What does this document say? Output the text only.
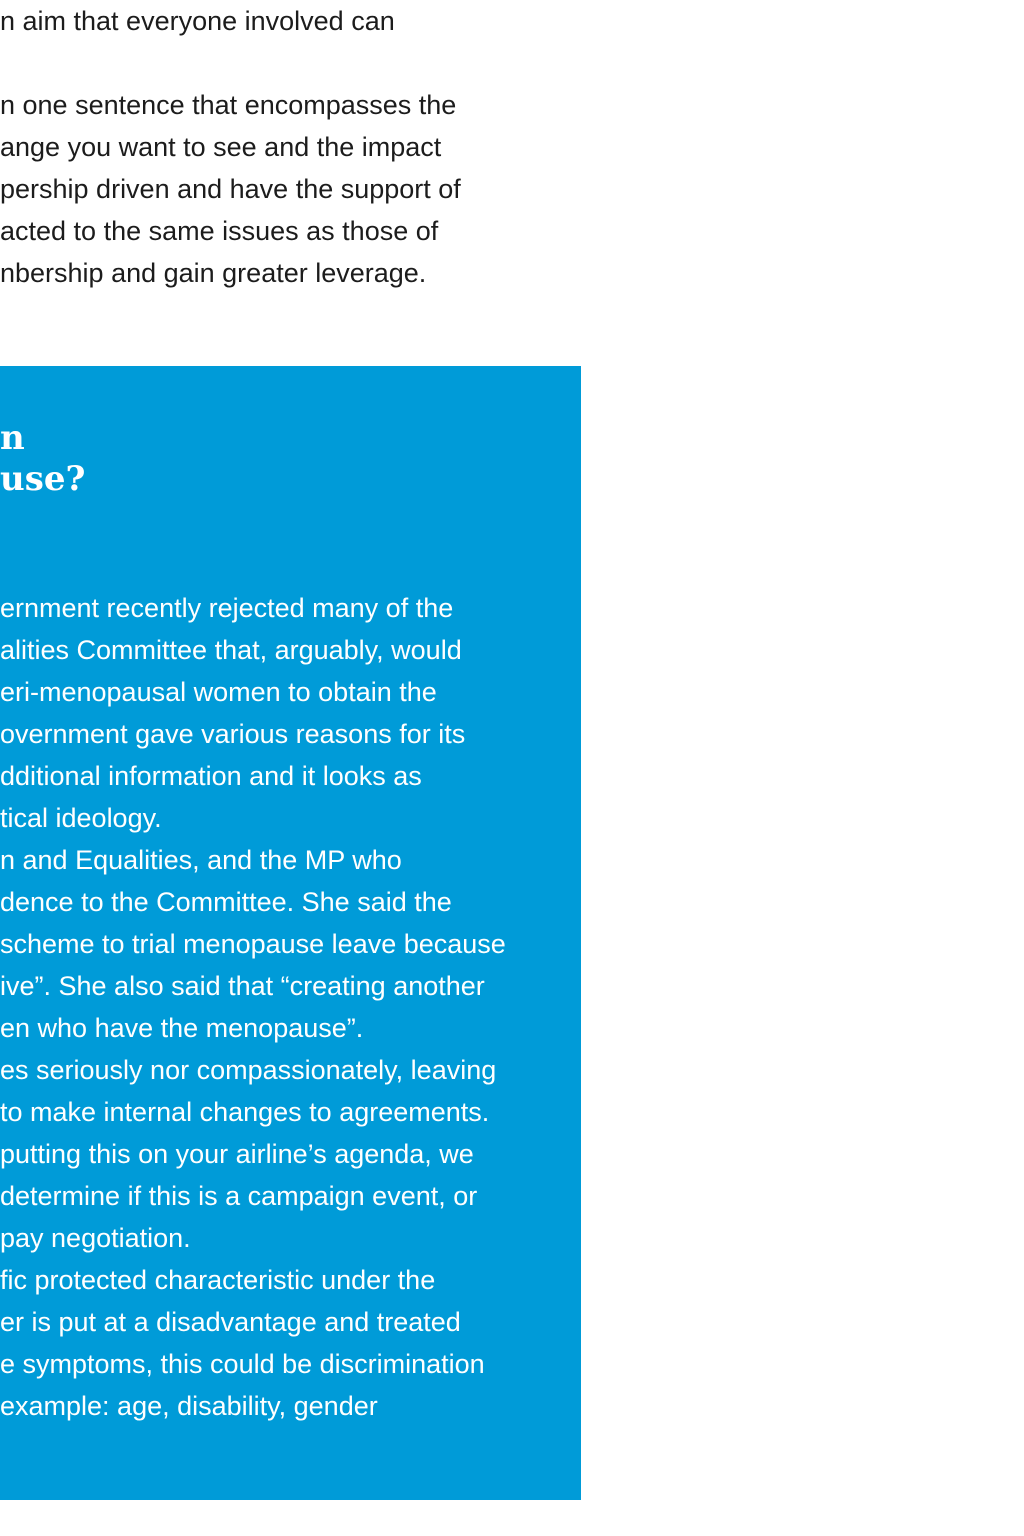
n aim that everyone involved can
n one sentence that encompasses the
ange you want to see and the impact
pership driven and have the support of
acted to the same issues as those of
nbership and gain greater leverage.
n
use?
ernment recently rejected many of the
alities Committee that, arguably, would
eri-menopausal women to obtain the
overnment gave various reasons for its
dditional information and it looks as
tical ideology.
n and Equalities, and the MP who
dence to the Committee. She said the
scheme to trial menopause leave because
ive”. She also said that “creating another
en who have the menopause”.
es seriously nor compassionately, leaving
to make internal changes to agreements.
putting this on your airline’s agenda, we
determine if this is a campaign event, or
pay negotiation.
fic protected characteristic under the
er is put at a disadvantage and treated
e symptoms, this could be discrimination
example: age, disability, gender
